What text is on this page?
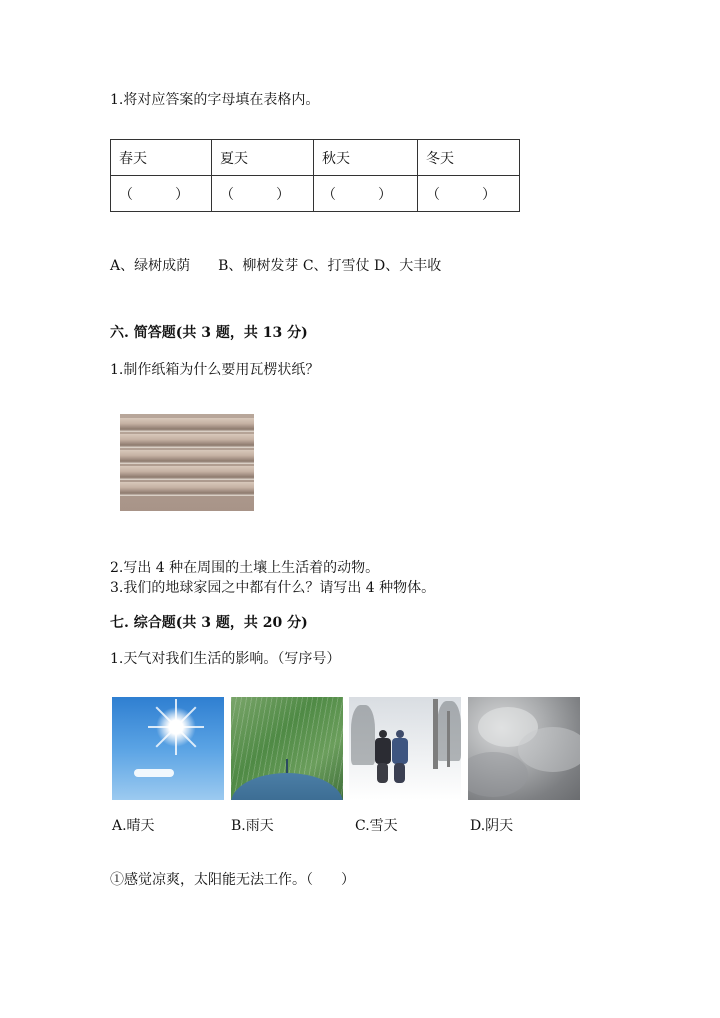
1.将对应答案的字母填在表格内。
春天	夏天	秋天	冬天
（　　　）	（　　　）	（　　　）	（　　　）
A、绿树成荫　　B、柳树发芽 C、打雪仗 D、大丰收
六. 简答题(共 3 题，共 13 分)
1.制作纸箱为什么要用瓦楞状纸？
2.写出 4 种在周围的土壤上生活着的动物。
3.我们的地球家园之中都有什么？请写出 4 种物体。
七. 综合题(共 3 题，共 20 分)
1.天气对我们生活的影响。（写序号）
A.晴天	B.雨天	C.雪天	D.阴天
①感觉凉爽，太阳能无法工作。（　　）
